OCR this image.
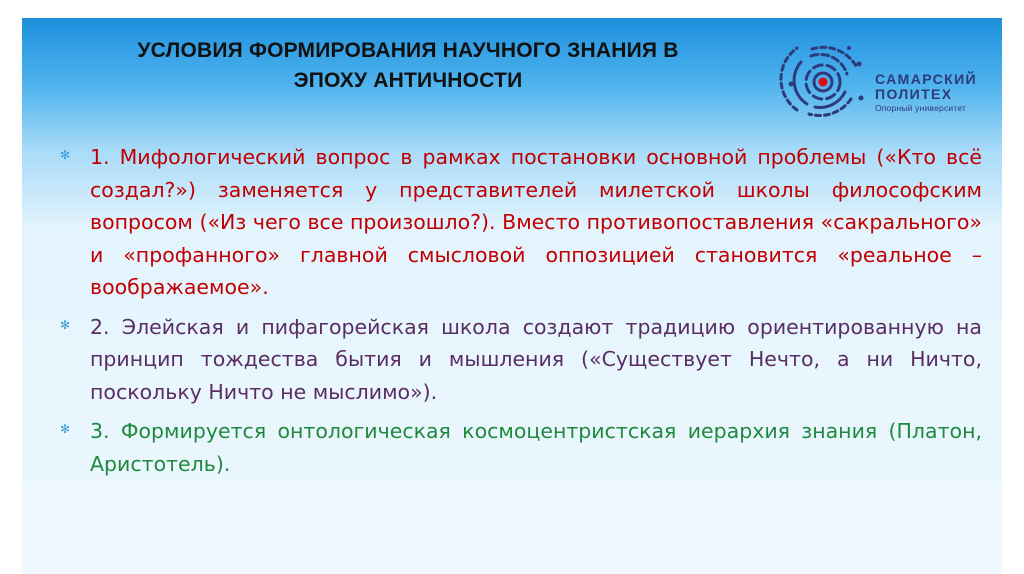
УСЛОВИЯ ФОРМИРОВАНИЯ НАУЧНОГО ЗНАНИЯ В

ЭПОХУ АНТИЧНОСТИ	САМАРСКИЙ
ПОЛИТЕХ
Опорный университет
✻ 1. Мифологический вопрос в рамках постановки основной проблемы («Кто всё создал?») заменяется у представителей милетской школы философским вопросом («Из чего все произошло?). Вместо противопоставления «сакрального» и «профанного» главной смысловой оппозицией становится «реальное – воображаемое».
✻ 2. Элейская и пифагорейская школа создают традицию ориентированную на принцип тождества бытия и мышления («Существует Нечто, а ни Ничто, поскольку Ничто не мыслимо»).
✻ 3. Формируется онтологическая космоцентристская иерархия знания (Платон, Аристотель).
